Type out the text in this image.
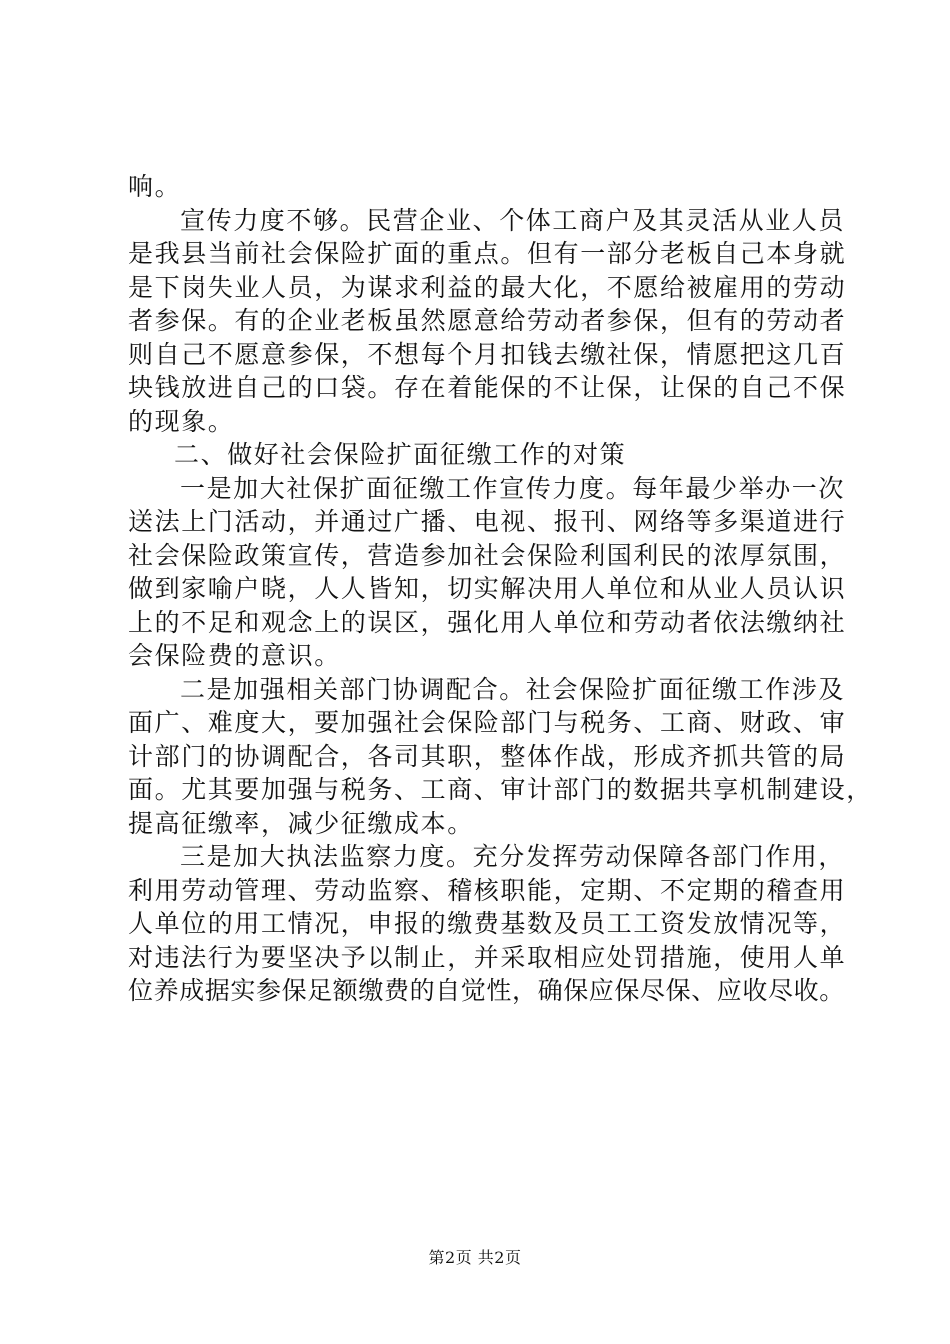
响。
宣传力度不够。民营企业、个体工商户及其灵活从业人员
是我县当前社会保险扩面的重点。但有一部分老板自己本身就
是下岗失业人员，为谋求利益的最大化，不愿给被雇用的劳动
者参保。有的企业老板虽然愿意给劳动者参保，但有的劳动者
则自己不愿意参保，不想每个月扣钱去缴社保，情愿把这几百
块钱放进自己的口袋。存在着能保的不让保，让保的自己不保
的现象。
二、做好社会保险扩面征缴工作的对策
一是加大社保扩面征缴工作宣传力度。每年最少举办一次
送法上门活动，并通过广播、电视、报刊、网络等多渠道进行
社会保险政策宣传，营造参加社会保险利国利民的浓厚氛围，
做到家喻户晓，人人皆知，切实解决用人单位和从业人员认识
上的不足和观念上的误区，强化用人单位和劳动者依法缴纳社
会保险费的意识。
二是加强相关部门协调配合。社会保险扩面征缴工作涉及
面广、难度大，要加强社会保险部门与税务、工商、财政、审
计部门的协调配合，各司其职，整体作战，形成齐抓共管的局
面。尤其要加强与税务、工商、审计部门的数据共享机制建设，
提高征缴率，减少征缴成本。
三是加大执法监察力度。充分发挥劳动保障各部门作用，
利用劳动管理、劳动监察、稽核职能，定期、不定期的稽查用
人单位的用工情况，申报的缴费基数及员工工资发放情况等，
对违法行为要坚决予以制止，并采取相应处罚措施，使用人单
位养成据实参保足额缴费的自觉性，确保应保尽保、应收尽收。
第2页 共2页
